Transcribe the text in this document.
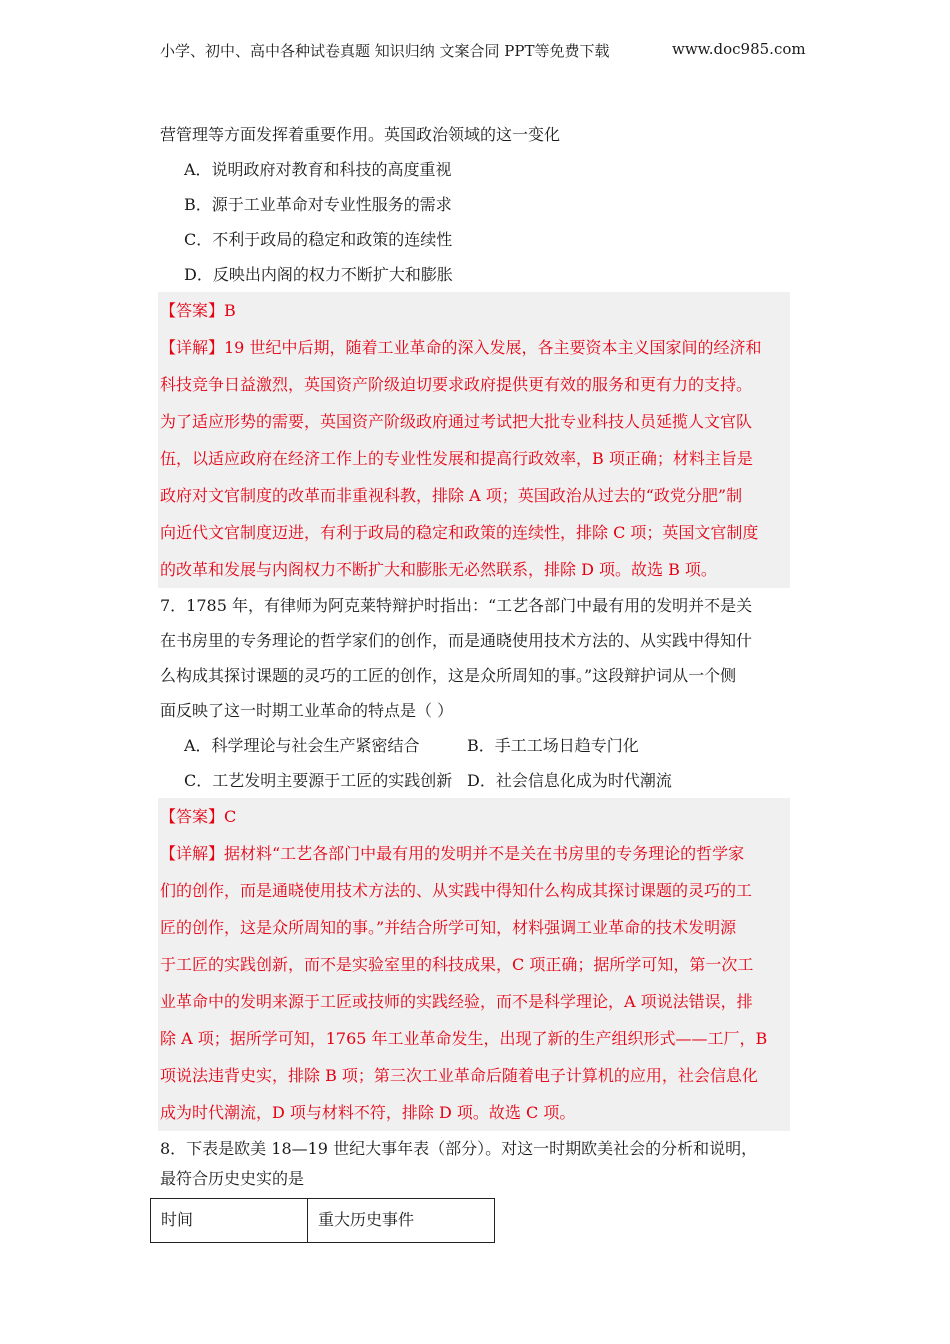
小学、初中、高中各种试卷真题 知识归纳 文案合同 PPT等免费下载	www.doc985.com
营管理等方面发挥着重要作用。英国政治领域的这一变化
A．说明政府对教育和科技的高度重视
B．源于工业革命对专业性服务的需求
C．不利于政局的稳定和政策的连续性
D．反映出内阁的权力不断扩大和膨胀
【答案】B
【详解】19 世纪中后期，随着工业革命的深入发展，各主要资本主义国家间的经济和
科技竞争日益激烈，英国资产阶级迫切要求政府提供更有效的服务和更有力的支持。
为了适应形势的需要，英国资产阶级政府通过考试把大批专业科技人员延揽人文官队
伍，以适应政府在经济工作上的专业性发展和提高行政效率，B 项正确；材料主旨是
政府对文官制度的改革而非重视科教，排除 A 项；英国政治从过去的“政党分肥”制
向近代文官制度迈进，有利于政局的稳定和政策的连续性，排除 C 项；英国文官制度
的改革和发展与内阁权力不断扩大和膨胀无必然联系，排除 D 项。故选 B 项。
7．1785 年，有律师为阿克莱特辩护时指出：“工艺各部门中最有用的发明并不是关
在书房里的专务理论的哲学家们的创作，而是通晓使用技术方法的、从实践中得知什
么构成其探讨课题的灵巧的工匠的创作，这是众所周知的事。”这段辩护词从一个侧
面反映了这一时期工业革命的特点是（ ）
A．科学理论与社会生产紧密结合	B．手工工场日趋专门化
C．工艺发明主要源于工匠的实践创新 D．社会信息化成为时代潮流
【答案】C
【详解】据材料“工艺各部门中最有用的发明并不是关在书房里的专务理论的哲学家
们的创作，而是通晓使用技术方法的、从实践中得知什么构成其探讨课题的灵巧的工
匠的创作，这是众所周知的事。”并结合所学可知，材料强调工业革命的技术发明源
于工匠的实践创新，而不是实验室里的科技成果，C 项正确；据所学可知，第一次工
业革命中的发明来源于工匠或技师的实践经验，而不是科学理论，A 项说法错误，排
除 A 项；据所学可知，1765 年工业革命发生，出现了新的生产组织形式——工厂，B
项说法违背史实，排除 B 项；第三次工业革命后随着电子计算机的应用，社会信息化
成为时代潮流，D 项与材料不符，排除 D 项。故选 C 项。
8．下表是欧美 18—19 世纪大事年表（部分）。对这一时期欧美社会的分析和说明，
最符合历史史实的是
时间	重大历史事件
